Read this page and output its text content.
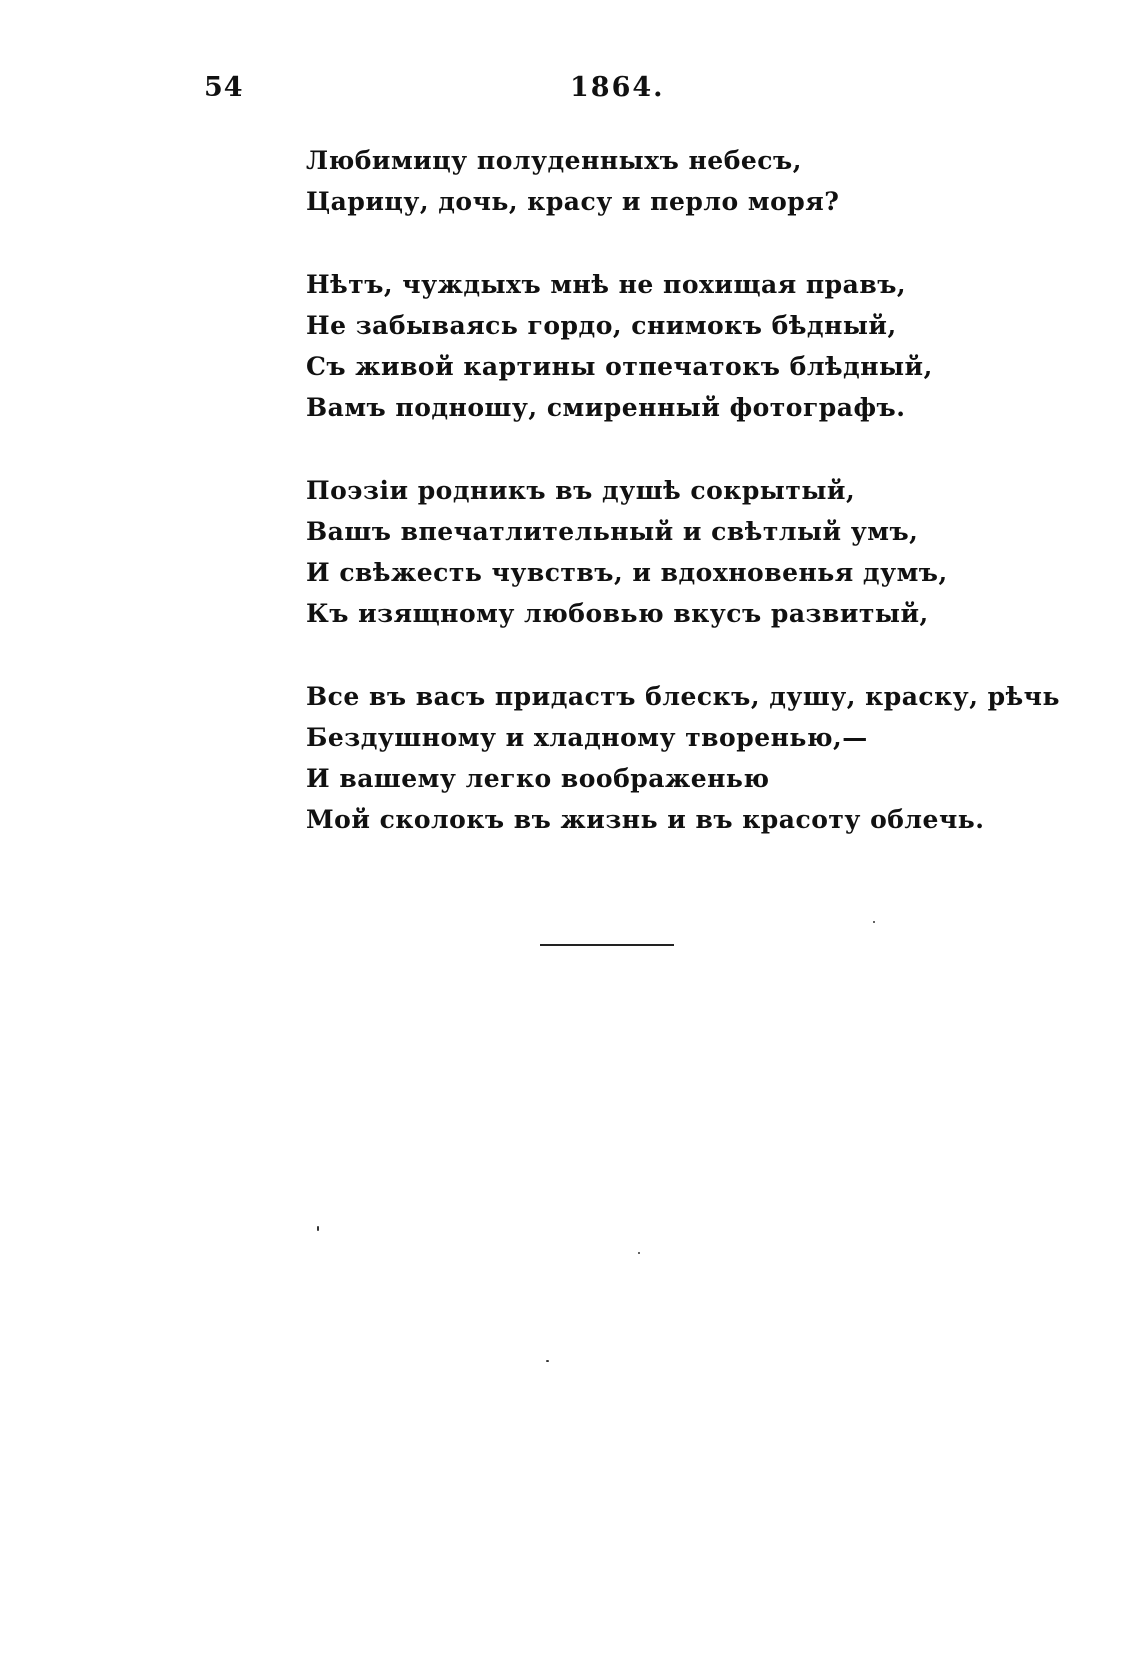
54	1864.
Любимицу полуденныхъ небесъ,
Царицу, дочь, красу и перло моря?
Нѣтъ, чуждыхъ мнѣ не похищая правъ,
Не забываясь гордо, снимокъ бѣдный,
Съ живой картины отпечатокъ блѣдный,
Вамъ подношу, смиренный фотографъ.
Поэзіи родникъ въ душѣ сокрытый,
Вашъ впечатлительный и свѣтлый умъ,
И свѣжесть чувствъ, и вдохновенья думъ,
Къ изящному любовью вкусъ развитый,
Все въ васъ придастъ блескъ, душу, краску, рѣчь
Бездушному и хладному творенью,—
И вашему легко воображенью
Мой сколокъ въ жизнь и въ красоту облечь.
